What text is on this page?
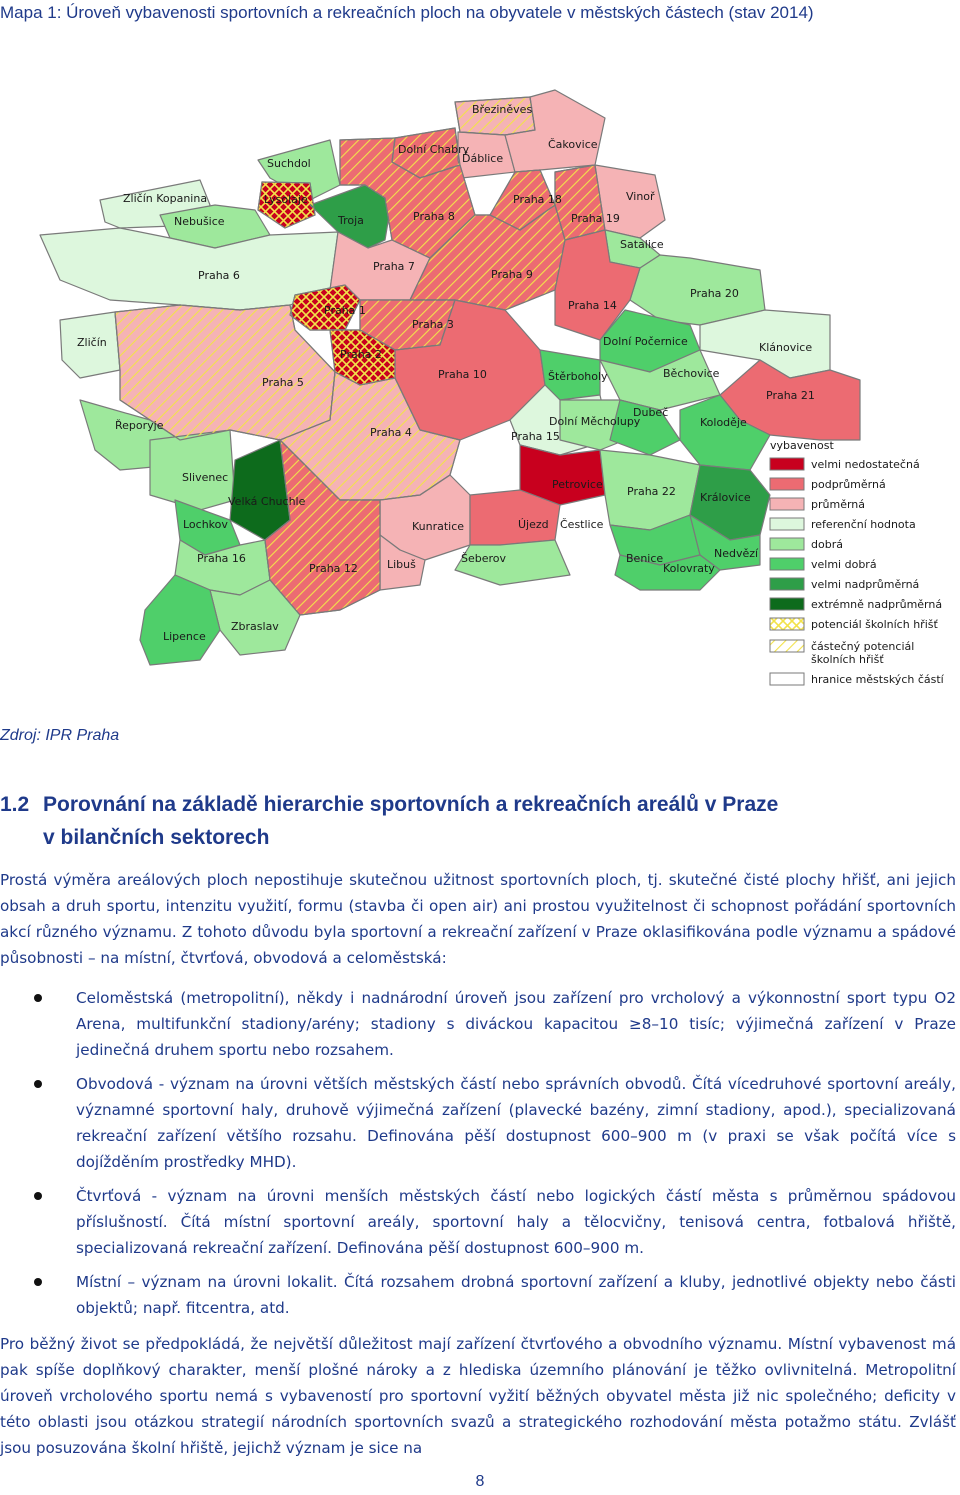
Mapa 1: Úroveň vybavenosti sportovních a rekreačních ploch na obyvatele v městských částech (stav 2014)
Březiněves
Dolní Chabry
Ďáblice
Čakovice
Suchdol
Lysolaje
Zličín Kopanina
Nebušice	Troja	Praha 8
Praha 18
Praha 19
Vinoř
Satalice
Praha 6
Praha 7
Praha 9
Praha 20
Praha 1
Praha 3
Praha 14
Zličín	Dolní Počernice	Klánovice
Praha 2
Praha 5
Praha 10	Štěrboholy	Běchovice
Praha 21
Řeporyje
Praha 4	Praha 15
Dolní Měcholupy
Dubeč
Koloděje
Slivenec
Velká Chuchle
Petrovice
Praha 22 Královice
Lochkov	Kunratice	Újezd
Šeberov
Praha 16	Libuš	Benice	Nedvězí
Praha 12	Kolovraty
Zbraslav
Lipence
Čestlice
vybavenost
velmi nedostatečná
podprůměrná
průměrná
referenční hodnota
dobrá
velmi dobrá
velmi nadprůměrná
extrémně nadprůměrná
potenciál školních hřišť
částečný potenciál
školních hřišť
hranice městských částí
Zdroj: IPR Praha
1.2 Porovnání na základě hierarchie sportovních a rekreačních areálů v Praze
v bilančních sektorech
Prostá výměra areálových ploch nepostihuje skutečnou užitnost sportovních ploch, tj. skutečné čisté plochy hřišť, ani jejich obsah a druh sportu, intenzitu využití, formu (stavba či open air) ani prostou využitelnost či schopnost pořádání sportovních akcí různého významu. Z tohoto důvodu byla sportovní a rekreační zařízení v Praze oklasifikována podle významu a spádové působnosti – na místní, čtvrťová, obvodová a celoměstská:
Celoměstská (metropolitní), někdy i nadnárodní úroveň jsou zařízení pro vrcholový a výkonnostní sport typu O2 Arena, multifunkční stadiony/arény; stadiony s diváckou kapacitou ≥8–10 tisíc; výjimečná zařízení v Praze jedinečná druhem sportu nebo rozsahem.
Obvodová - význam na úrovni větších městských částí nebo správních obvodů. Čítá vícedruhové sportovní areály, významné sportovní haly, druhově výjimečná zařízení (plavecké bazény, zimní stadiony, apod.), specializovaná rekreační zařízení většího rozsahu. Definována pěší dostupnost 600–900 m (v praxi se však počítá více s dojížděním prostředky MHD).
Čtvrťová - význam na úrovni menších městských částí nebo logických částí města s průměrnou spádovou příslušností. Čítá místní sportovní areály, sportovní haly a tělocvičny, tenisová centra, fotbalová hřiště, specializovaná rekreační zařízení. Definována pěší dostupnost 600–900 m.
Místní – význam na úrovni lokalit. Čítá rozsahem drobná sportovní zařízení a kluby, jednotlivé objekty nebo části objektů; např. fitcentra, atd.
Pro běžný život se předpokládá, že největší důležitost mají zařízení čtvrťového a obvodního významu. Místní vybavenost má pak spíše doplňkový charakter, menší plošné nároky a z hlediska územního plánování je těžko ovlivnitelná. Metropolitní úroveň vrcholového sportu nemá s vybaveností pro sportovní vyžití běžných obyvatel města již nic společného; deficity v této oblasti jsou otázkou strategií národních sportovních svazů a strategického rozhodování města potažmo státu. Zvlášť jsou posuzována školní hřiště, jejichž význam je sice na
8
